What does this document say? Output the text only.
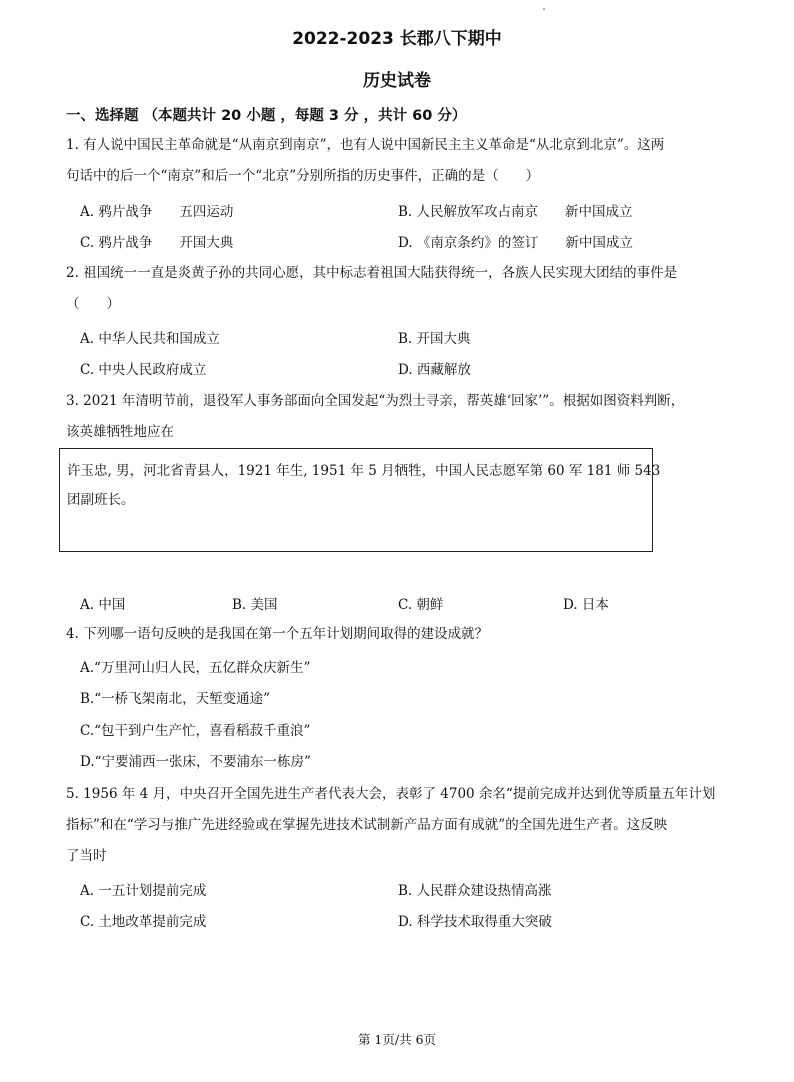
2022-2023 长郡八下期中
历史试卷
一、选择题 （本题共计 20 小题 ，每题 3 分 ，共计 60 分）
1. 有人说中国民主革命就是“从南京到南京”，也有人说中国新民主主义革命是“从北京到北京”。这两
句话中的后一个“南京”和后一个“北京”分别所指的历史事件，正确的是（　　）
A. 鸦片战争　　五四运动	B. 人民解放军攻占南京　　新中国成立
C. 鸦片战争　　开国大典	D. 《南京条约》的签订　　新中国成立
2. 祖国统一一直是炎黄子孙的共同心愿，其中标志着祖国大陆获得统一，各族人民实现大团结的事件是
（　　）
A. 中华人民共和国成立	B. 开国大典
C. 中央人民政府成立	D. 西藏解放
3. 2021 年清明节前，退役军人事务部面向全国发起“为烈士寻亲，帮英雄‘回家’”。根据如图资料判断，
该英雄牺牲地应在
许玉忠, 男，河北省青县人，1921 年生, 1951 年 5 月牺牲，中国人民志愿军第 60 军 181 师 543
团副班长。
A. 中国	B. 美国	C. 朝鲜	D. 日本
4. 下列哪一语句反映的是我国在第一个五年计划期间取得的建设成就？
A.“万里河山归人民，五亿群众庆新生”
B.“一桥飞架南北，天堑变通途”
C.“包干到户生产忙，喜看稻菽千重浪”
D.“宁要浦西一张床，不要浦东一栋房”
5. 1956 年 4 月，中央召开全国先进生产者代表大会，表彰了 4700 余名“提前完成并达到优等质量五年计划
指标”和在“学习与推广先进经验或在掌握先进技术试制新产品方面有成就”的全国先进生产者。这反映
了当时
A. 一五计划提前完成	B. 人民群众建设热情高涨
C. 土地改革提前完成	D. 科学技术取得重大突破
第 1页/共 6页
